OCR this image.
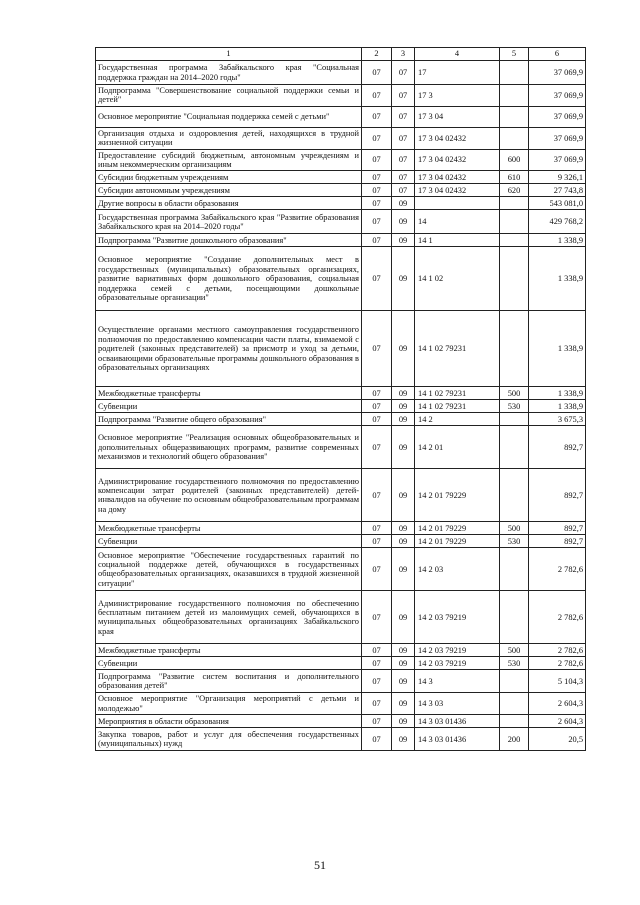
1	2	3	4	5	6
Государственная программа Забайкальского края "Социальная поддержка граждан на 2014–2020 годы"	07	07	17		37 069,9
Подпрограмма "Совершенствование социальной поддержки семьи и детей"	07	07	17 3		37 069,9
Основное мероприятие "Социальная поддержка семей с детьми"	07	07	17 3 04		37 069,9
Организация отдыха и оздоровления детей, находящихся в трудной жизненной ситуации	07	07	17 3 04 02432		37 069,9
Предоставление субсидий бюджетным, автономным учреждениям и иным некоммерческим организациям	07	07	17 3 04 02432	600	37 069,9
Субсидии бюджетным учреждениям	07	07	17 3 04 02432	610	9 326,1
Субсидии автономным учреждениям	07	07	17 3 04 02432	620	27 743,8
Другие вопросы в области образования	07	09			543 081,0
Государственная программа Забайкальского края "Развитие образования Забайкальского края на 2014–2020 годы"	07	09	14		429 768,2
Подпрограмма "Развитие дошкольного образования"	07	09	14 1		1 338,9
Основное мероприятие "Создание дополнительных мест в государственных (муниципальных) образовательных организациях, развитие вариативных форм дошкольного образования, социальная поддержка семей с детьми, посещающими дошкольные образовательные организации"	07	09	14 1 02		1 338,9
Осуществление органами местного самоуправления государственного полномочия по предоставлению компенсации части платы, взимаемой с родителей (законных представителей) за присмотр и уход за детьми, осваивающими образовательные программы дошкольного образования в образовательных организациях	07	09	14 1 02 79231		1 338,9
Межбюджетные трансферты	07	09	14 1 02 79231	500	1 338,9
Субвенции	07	09	14 1 02 79231	530	1 338,9
Подпрограмма "Развитие общего образования"	07	09	14 2		3 675,3
Основное мероприятие "Реализация основных общеобразовательных и дополнительных общеразвивающих программ, развитие современных механизмов и технологий общего образования"	07	09	14 2 01		892,7
Администрирование государственного полномочия по предоставлению компенсации затрат родителей (законных представителей) детей-инвалидов на обучение по основным общеобразовательным программам на дому	07	09	14 2 01 79229		892,7
Межбюджетные трансферты	07	09	14 2 01 79229	500	892,7
Субвенции	07	09	14 2 01 79229	530	892,7
Основное мероприятие "Обеспечение государственных гарантий по социальной поддержке детей, обучающихся в государственных общеобразовательных организациях, оказавшихся в трудной жизненной ситуации"	07	09	14 2 03		2 782,6
Администрирование государственного полномочия по обеспечению бесплатным питанием детей из малоимущих семей, обучающихся в муниципальных общеобразовательных организациях Забайкальского края	07	09	14 2 03 79219		2 782,6
Межбюджетные трансферты	07	09	14 2 03 79219	500	2 782,6
Субвенции	07	09	14 2 03 79219	530	2 782,6
Подпрограмма "Развитие систем воспитания и дополнительного образования детей"	07	09	14 3		5 104,3
Основное мероприятие "Организация мероприятий с детьми и молодежью"	07	09	14 3 03		2 604,3
Мероприятия в области образования	07	09	14 3 03 01436		2 604,3
Закупка товаров, работ и услуг для обеспечения государственных (муниципальных) нужд	07	09	14 3 03 01436	200	20,5
51
